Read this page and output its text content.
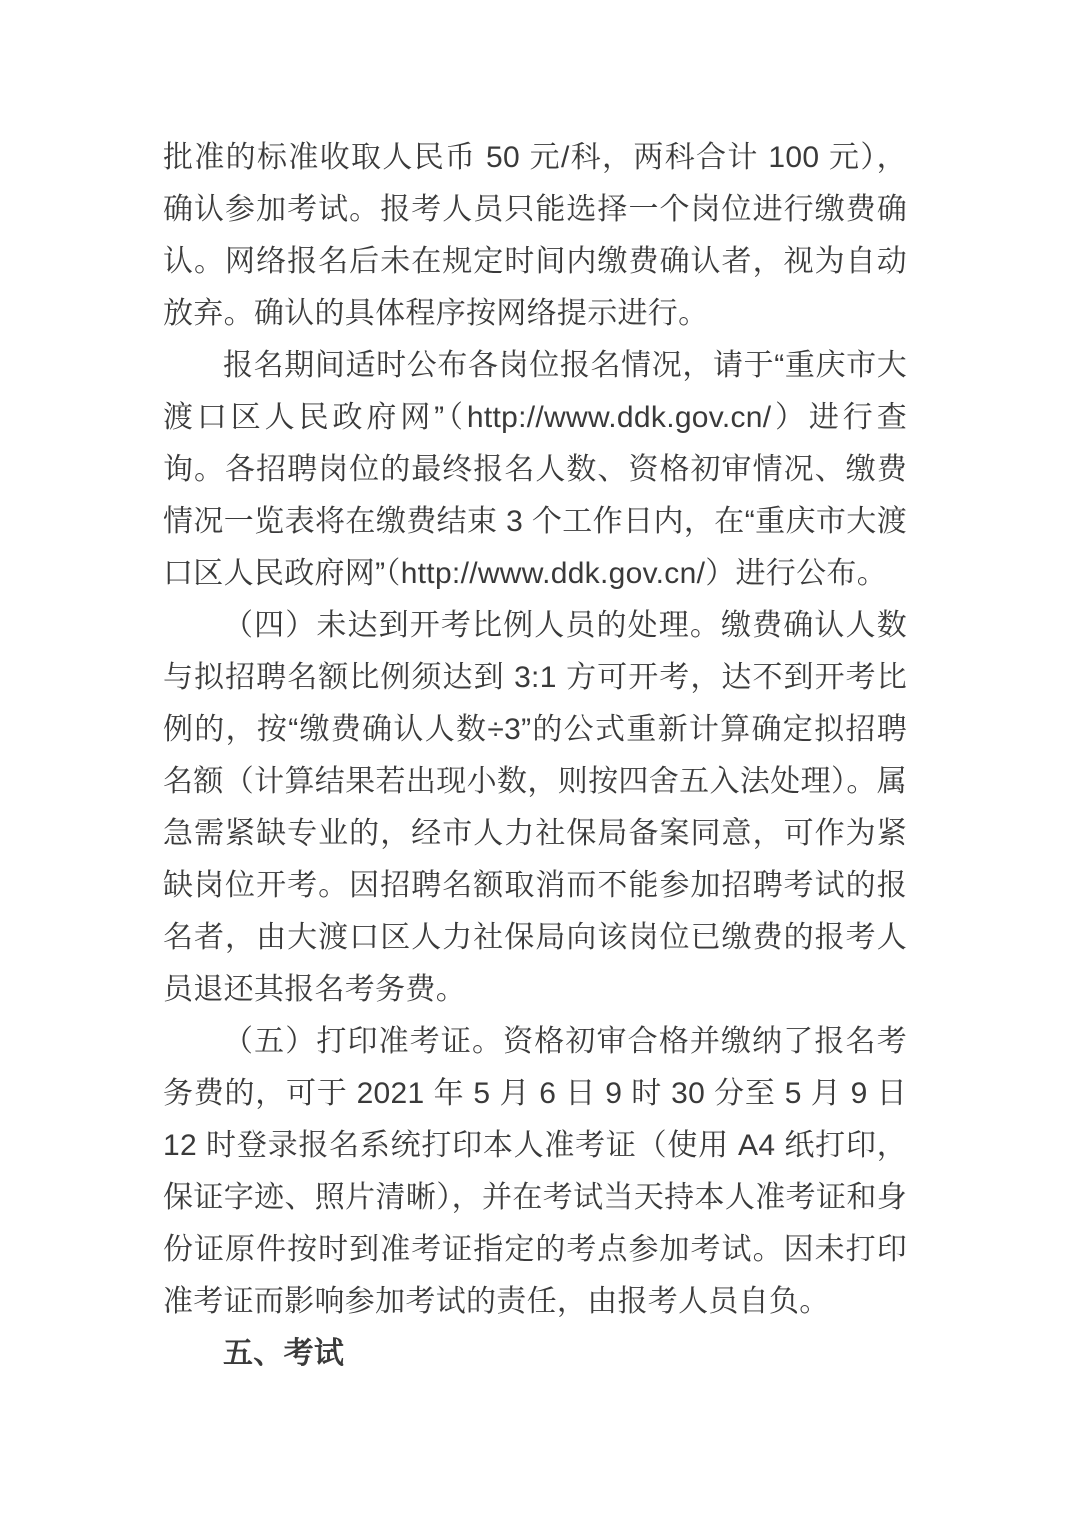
批准的标准收取人民币 50 元/科，两科合计 100 元），确认参加考试。报考人员只能选择一个岗位进行缴费确认。网络报名后未在规定时间内缴费确认者，视为自动放弃。确认的具体程序按网络提示进行。

报名期间适时公布各岗位报名情况，请于“重庆市大渡口区人民政府网”（http://www.ddk.gov.cn/）进行查询。各招聘岗位的最终报名人数、资格初审情况、缴费情况一览表将在缴费结束 3 个工作日内，在“重庆市大渡口区人民政府网”（http://www.ddk.gov.cn/）进行公布。

（四）未达到开考比例人员的处理。缴费确认人数与拟招聘名额比例须达到 3:1 方可开考，达不到开考比例的，按“缴费确认人数÷3”的公式重新计算确定拟招聘名额（计算结果若出现小数，则按四舍五入法处理）。属急需紧缺专业的，经市人力社保局备案同意，可作为紧缺岗位开考。因招聘名额取消而不能参加招聘考试的报名者，由大渡口区人力社保局向该岗位已缴费的报考人员退还其报名考务费。

（五）打印准考证。资格初审合格并缴纳了报名考务费的，可于 2021 年 5 月 6 日 9 时 30 分至 5 月 9 日 12 时登录报名系统打印本人准考证（使用 A4 纸打印，保证字迹、照片清晰），并在考试当天持本人准考证和身份证原件按时到准考证指定的考点参加考试。因未打印准考证而影响参加考试的责任，由报考人员自负。

五、考试
